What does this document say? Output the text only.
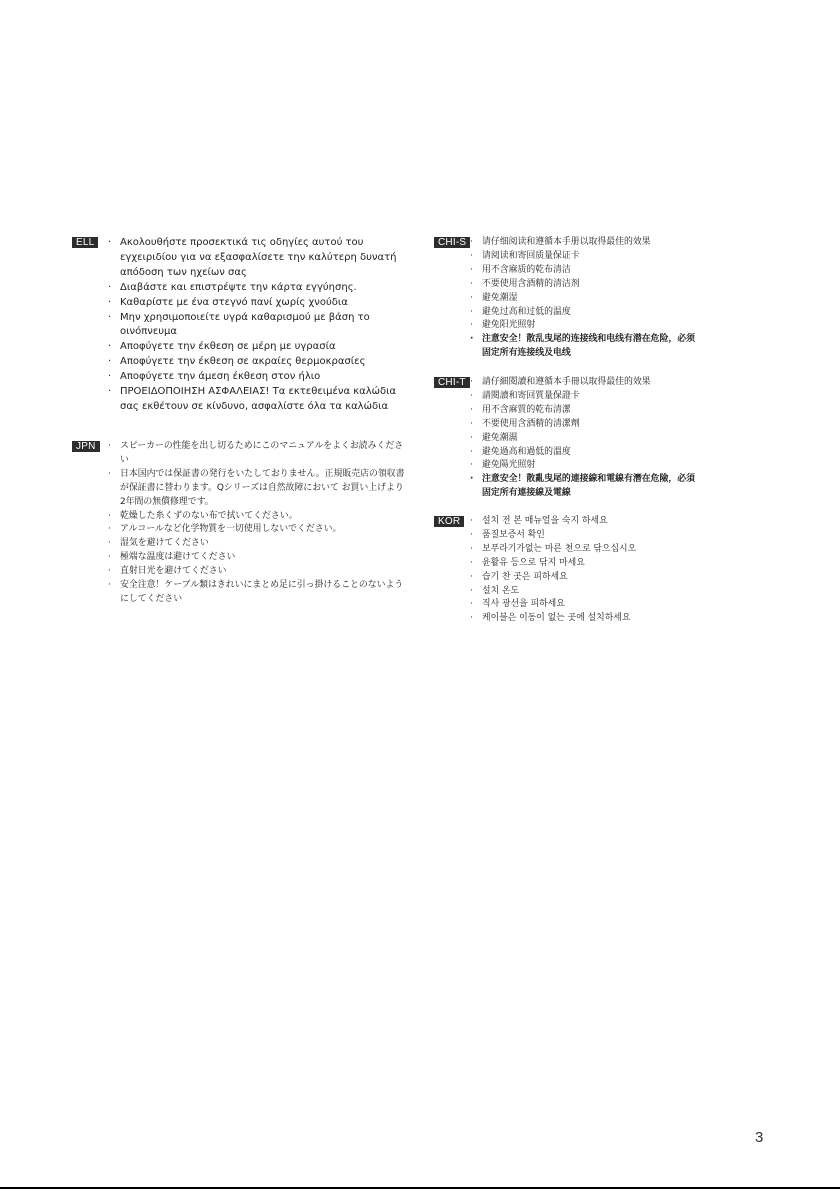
ELL	· Ακολουθήστε προσεκτικά τις οδηγίες αυτού του εγχειριδίου για να εξασφαλίσετε την καλύτερη δυνατή απόδοση των ηχείων σας
· Διαβάστε και επιστρέψτε την κάρτα εγγύησης.
· Καθαρίστε με ένα στεγνό πανί χωρίς χνούδια
· Μην χρησιμοποιείτε υγρά καθαρισμού με βάση το οινόπνευμα
· Αποφύγετε την έκθεση σε μέρη με υγρασία
· Αποφύγετε την έκθεση σε ακραίες θερμοκρασίες
· Αποφύγετε την άμεση έκθεση στον ήλιο
· ΠΡΟΕΙΔΟΠΟΙΗΣΗ ΑΣΦΑΛΕΙΑΣ! Τα εκτεθειμένα καλώδια σας εκθέτουν σε κίνδυνο, ασφαλίστε όλα τα καλώδια
JPN	· スピーカーの性能を出し切るためにこのマニュアルをよくお読みください
· 日本国内では保証書の発行をいたしておりません。正規販売店の領収書が保証書に替わります。Qシリーズは自然故障において お買い上げより2年間の無償修理です。
· 乾燥した糸くずのない布で拭いてください。
· アルコールなど化学物質を一切使用しないでください。
· 湿気を避けてください
· 極端な温度は避けてください
· 直射日光を避けてください
· 安全注意！ケーブル類はきれいにまとめ足に引っ掛けることのないようにしてください
CHI-S · 请仔细阅读和遵循本手册以取得最佳的效果
· 请阅读和寄回质量保证卡
· 用不含麻质的乾布清洁
· 不要使用含酒精的清洁剂
· 避免潮湿
· 避免过高和过低的温度
· 避免阳光照射
· 注意安全！散乱曳尾的连接线和电线有潜在危险，必须固定所有连接线及电线
CHI-T · 請仔細閱讀和遵循本手冊以取得最佳的效果
· 請閱讀和寄回質量保證卡
· 用不含麻質的乾布清潔
· 不要使用含酒精的清潔劑
· 避免潮濕
· 避免過高和過低的溫度
· 避免陽光照射
· 注意安全！散亂曳尾的連接線和電線有潛在危險，必須固定所有連接線及電線
KOR	· 설치 전 본 매뉴얼을 숙지 하세요
· 품질보증서 확인
· 보푸라기가없는 마른 천으로 닦으십시오
· 윤활유 등으로 닦지 마세요
· 습기 찬 곳은 피하세요
· 설치 온도
· 직사 광선을 피하세요
· 케이블은 이동이 없는 곳에 설치하세요
3
